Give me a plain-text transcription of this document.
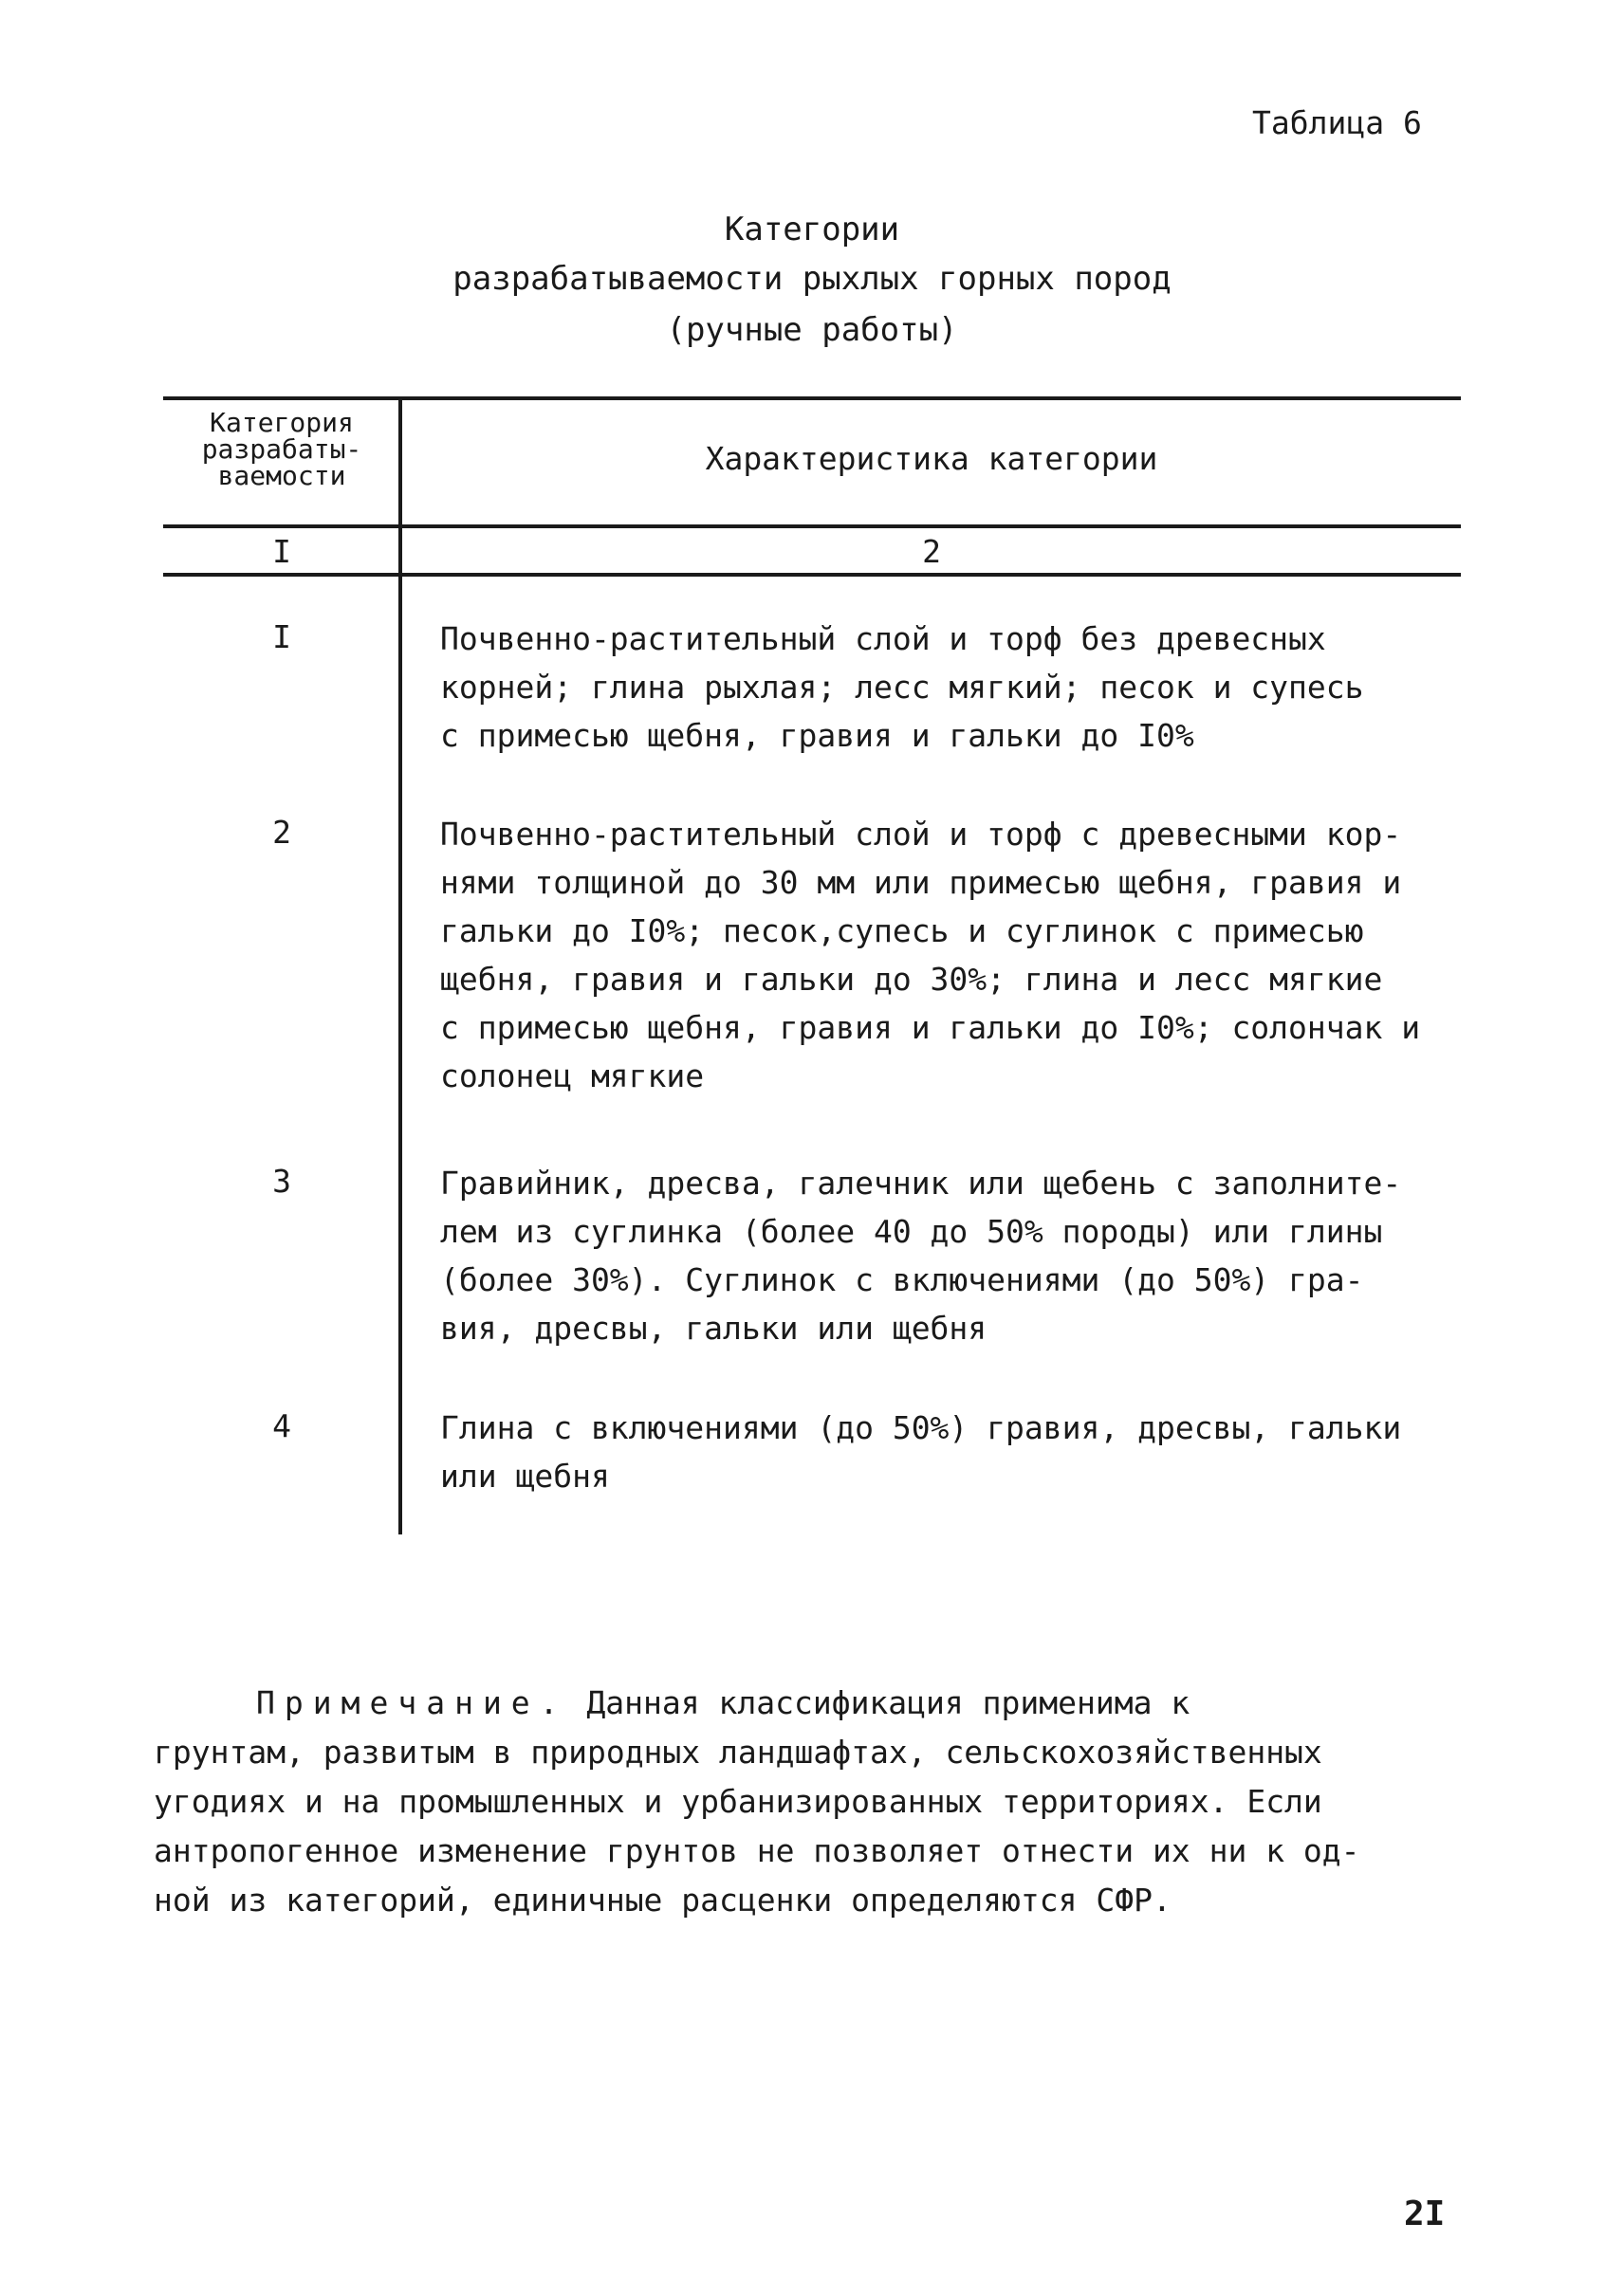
Таблица 6
Категории
разрабатываемости рыхлых горных пород
(ручные работы)
Категория
разрабаты-
ваемости	Характеристика категории
I	2
I	Почвенно-растительный слой и торф без древесных
корней; глина рыхлая; лесс мягкий; песок и супесь
с примесью щебня, гравия и гальки до I0%
2	Почвенно-растительный слой и торф с древесными кор-
нями толщиной до 30 мм или примесью щебня, гравия и
гальки до I0%; песок,супесь и суглинок с примесью
щебня, гравия и гальки до 30%; глина и лесс мягкие
с примесью щебня, гравия и гальки до I0%; солончак и
солонец мягкие
3	Гравийник, дресва, галечник или щебень с заполните-
лем из суглинка (более 40 до 50% породы) или глины
(более 30%). Суглинок с включениями (до 50%) гра-
вия, дресвы, гальки или щебня
4	Глина с включениями (до 50%) гравия, дресвы, гальки
или щебня
Примечание. Данная классификация применима к
грунтам, развитым в природных ландшафтах, сельскохозяйственных
угодиях и на промышленных и урбанизированных территориях. Если
антропогенное изменение грунтов не позволяет отнести их ни к од-
ной из категорий, единичные расценки определяются СФР.
2I
